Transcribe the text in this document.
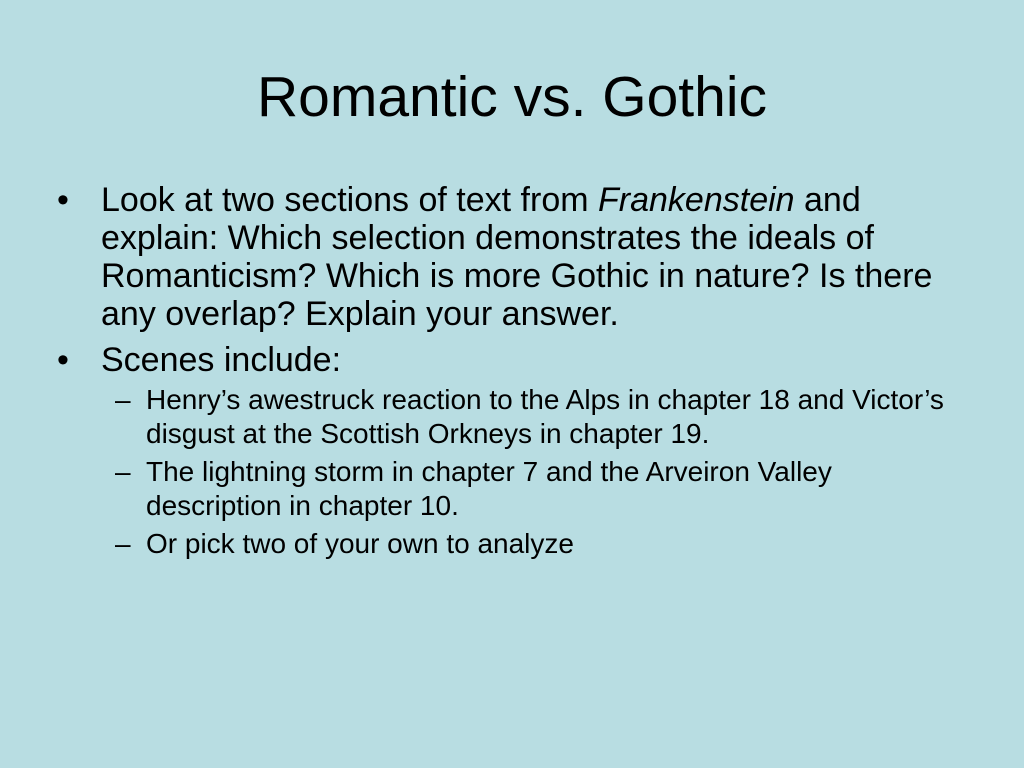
Romantic vs. Gothic
• Look at two sections of text from Frankenstein and explain: Which selection demonstrates the ideals of Romanticism? Which is more Gothic in nature? Is there any overlap? Explain your answer.
• Scenes include:
– Henry’s awestruck reaction to the Alps in chapter 18 and Victor’s disgust at the Scottish Orkneys in chapter 19.
– The lightning storm in chapter 7 and the Arveiron Valley description in chapter 10.
– Or pick two of your own to analyze
